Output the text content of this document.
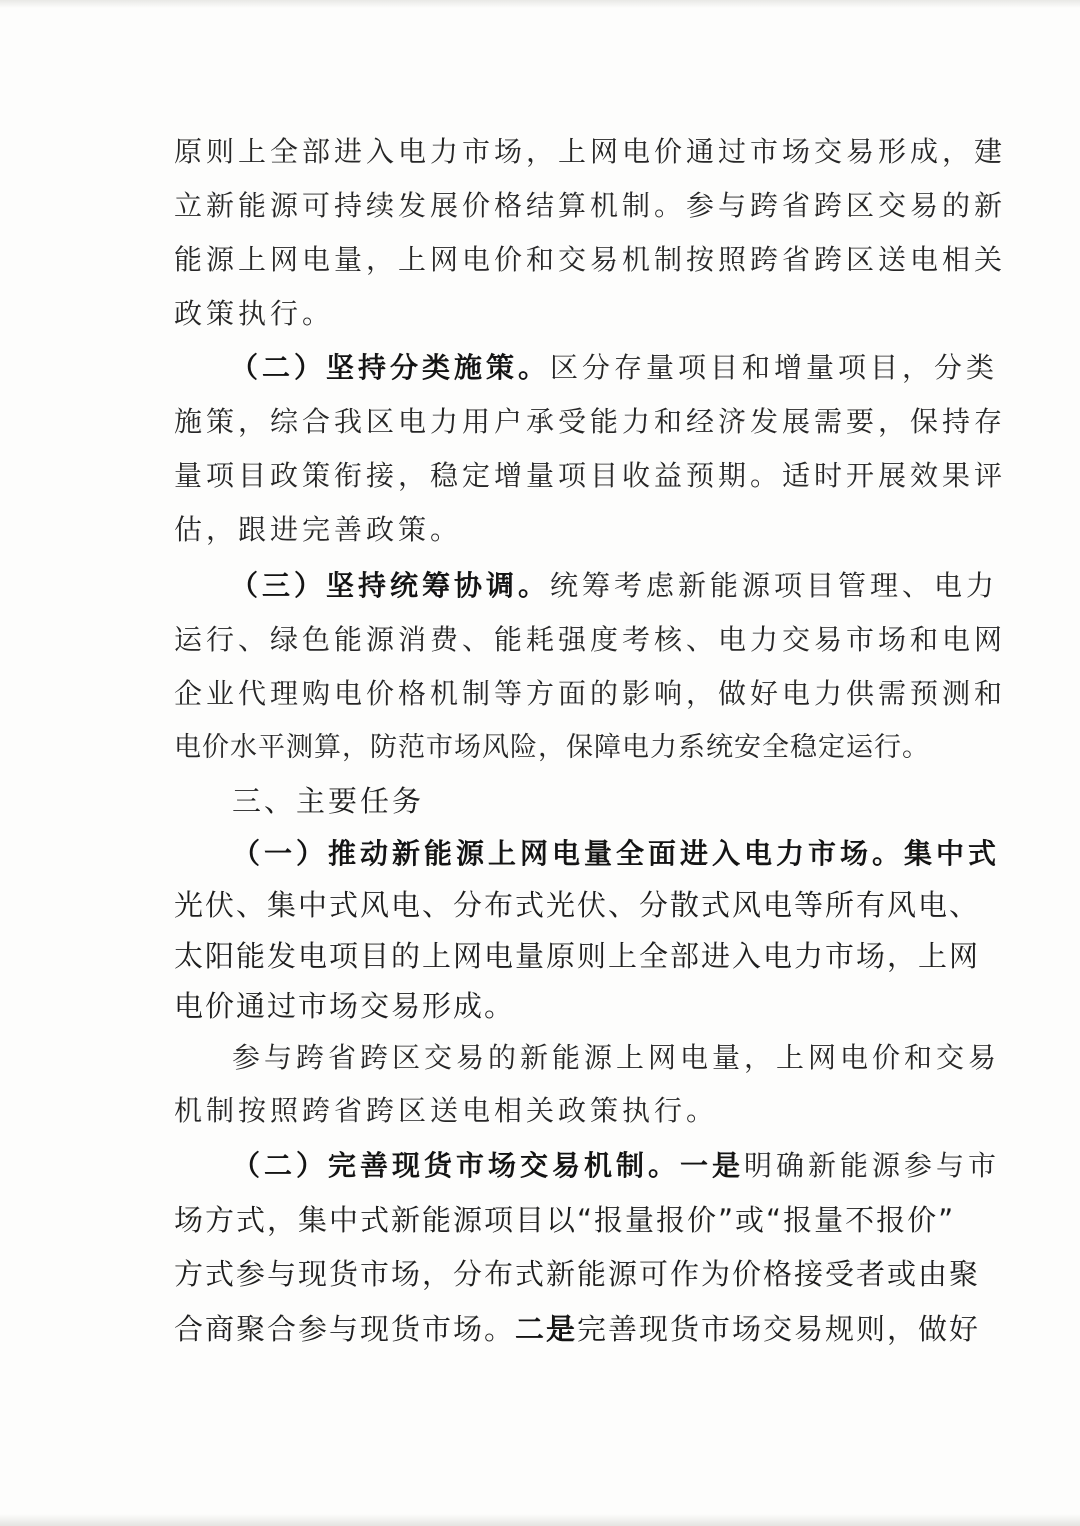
原则上全部进入电力市场，上网电价通过市场交易形成，建
立新能源可持续发展价格结算机制。参与跨省跨区交易的新
能源上网电量，上网电价和交易机制按照跨省跨区送电相关
政策执行。
（二）坚持分类施策。区分存量项目和增量项目，分类
施策，综合我区电力用户承受能力和经济发展需要，保持存
量项目政策衔接，稳定增量项目收益预期。适时开展效果评
估，跟进完善政策。
（三）坚持统筹协调。统筹考虑新能源项目管理、电力
运行、绿色能源消费、能耗强度考核、电力交易市场和电网
企业代理购电价格机制等方面的影响，做好电力供需预测和
电价水平测算，防范市场风险，保障电力系统安全稳定运行。
三、主要任务
（一）推动新能源上网电量全面进入电力市场。集中式
光伏、集中式风电、分布式光伏、分散式风电等所有风电、
太阳能发电项目的上网电量原则上全部进入电力市场，上网
电价通过市场交易形成。
参与跨省跨区交易的新能源上网电量，上网电价和交易
机制按照跨省跨区送电相关政策执行。
（二）完善现货市场交易机制。一是明确新能源参与市
场方式，集中式新能源项目以“报量报价”或“报量不报价”
方式参与现货市场，分布式新能源可作为价格接受者或由聚
合商聚合参与现货市场。二是完善现货市场交易规则，做好
